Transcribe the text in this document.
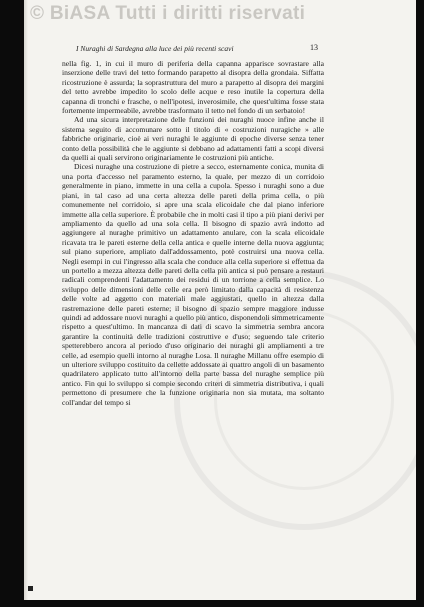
© BiASA Tutti i diritti riservati
I Nuraghi di Sardegna alla luce dei più recenti scavi	13

nella fig. 1, in cui il muro di periferia della capanna apparisce sovrastare alla inserzione delle travi del tetto formando parapetto al disopra della grondaia. Siffatta ricostruzione è assurda; la soprastruttura del muro a parapetto al disopra dei margini del tetto avrebbe impedito lo scolo delle acque e reso inutile la copertura della capanna di tronchi e frasche, o nell'ipotesi, inverosimile, che quest'ultima fosse stata fortemente impermeabile, avrebbe trasformato il tetto nel fondo di un serbatoio!

Ad una sicura interpretazione delle funzioni dei nuraghi nuoce infine anche il sistema seguito di accomunare sotto il titolo di « costruzioni nuragiche » alle fabbriche originarie, cioè ai veri nuraghi le aggiunte di epoche diverse senza tener conto della possibilità che le aggiunte si debbano ad adattamenti fatti a scopi diversi da quelli ai quali servirono originariamente le costruzioni più antiche.

Dicesi nuraghe una costruzione di pietre a secco, esternamente conica, munita di una porta d'accesso nel paramento esterno, la quale, per mezzo di un corridoio generalmente in piano, immette in una cella a cupola. Spesso i nuraghi sono a due piani, in tal caso ad una certa altezza delle pareti della prima cella, o più comunemente nel corridoio, si apre una scala elicoidale che dal piano inferiore immette alla cella superiore. È probabile che in molti casi il tipo a più piani derivi per ampliamento da quello ad una sola cella. Il bisogno di spazio avrà indotto ad aggiungere al nuraghe primitivo un adattamento anulare, con la scala elicoidale ricavata tra le pareti esterne della cella antica e quelle interne della nuova aggiunta; sul piano superiore, ampliato dall'addossamento, potè costruirsi una nuova cella. Negli esempi in cui l'ingresso alla scala che conduce alla cella superiore si effettua da un portello a mezza altezza delle pareti della cella più antica si può pensare a restauri radicali comprendenti l'adattamento dei residui di un torrione a cella semplice. Lo sviluppo delle dimensioni delle celle era però limitato dalla capacità di resistenza delle volte ad aggetto con materiali male aggiustati, quello in altezza dalla rastremazione delle pareti esterne; il bisogno di spazio sempre maggiore indusse quindi ad addossare nuovi nuraghi a quello più antico, disponendoli simmetricamente rispetto a quest'ultimo. In mancanza di dati di scavo la simmetria sembra ancora garantire la continuità delle tradizioni costruttive e d'uso; seguendo tale criterio spetterebbero ancora al periodo d'uso originario dei nuraghi gli ampliamenti a tre celle, ad esempio quelli intorno al nuraghe Losa. Il nuraghe Millanu offre esempio di un ulteriore sviluppo costituito da cellette addossate ai quattro angoli di un basamento quadrilatero applicato tutto all'intorno della parte bassa del nuraghe semplice più antico. Fin qui lo sviluppo si compie secondo criteri di simmetria distributiva, i quali permettono di presumere che la funzione originaria non sia mutata, ma soltanto coll'andar del tempo si
